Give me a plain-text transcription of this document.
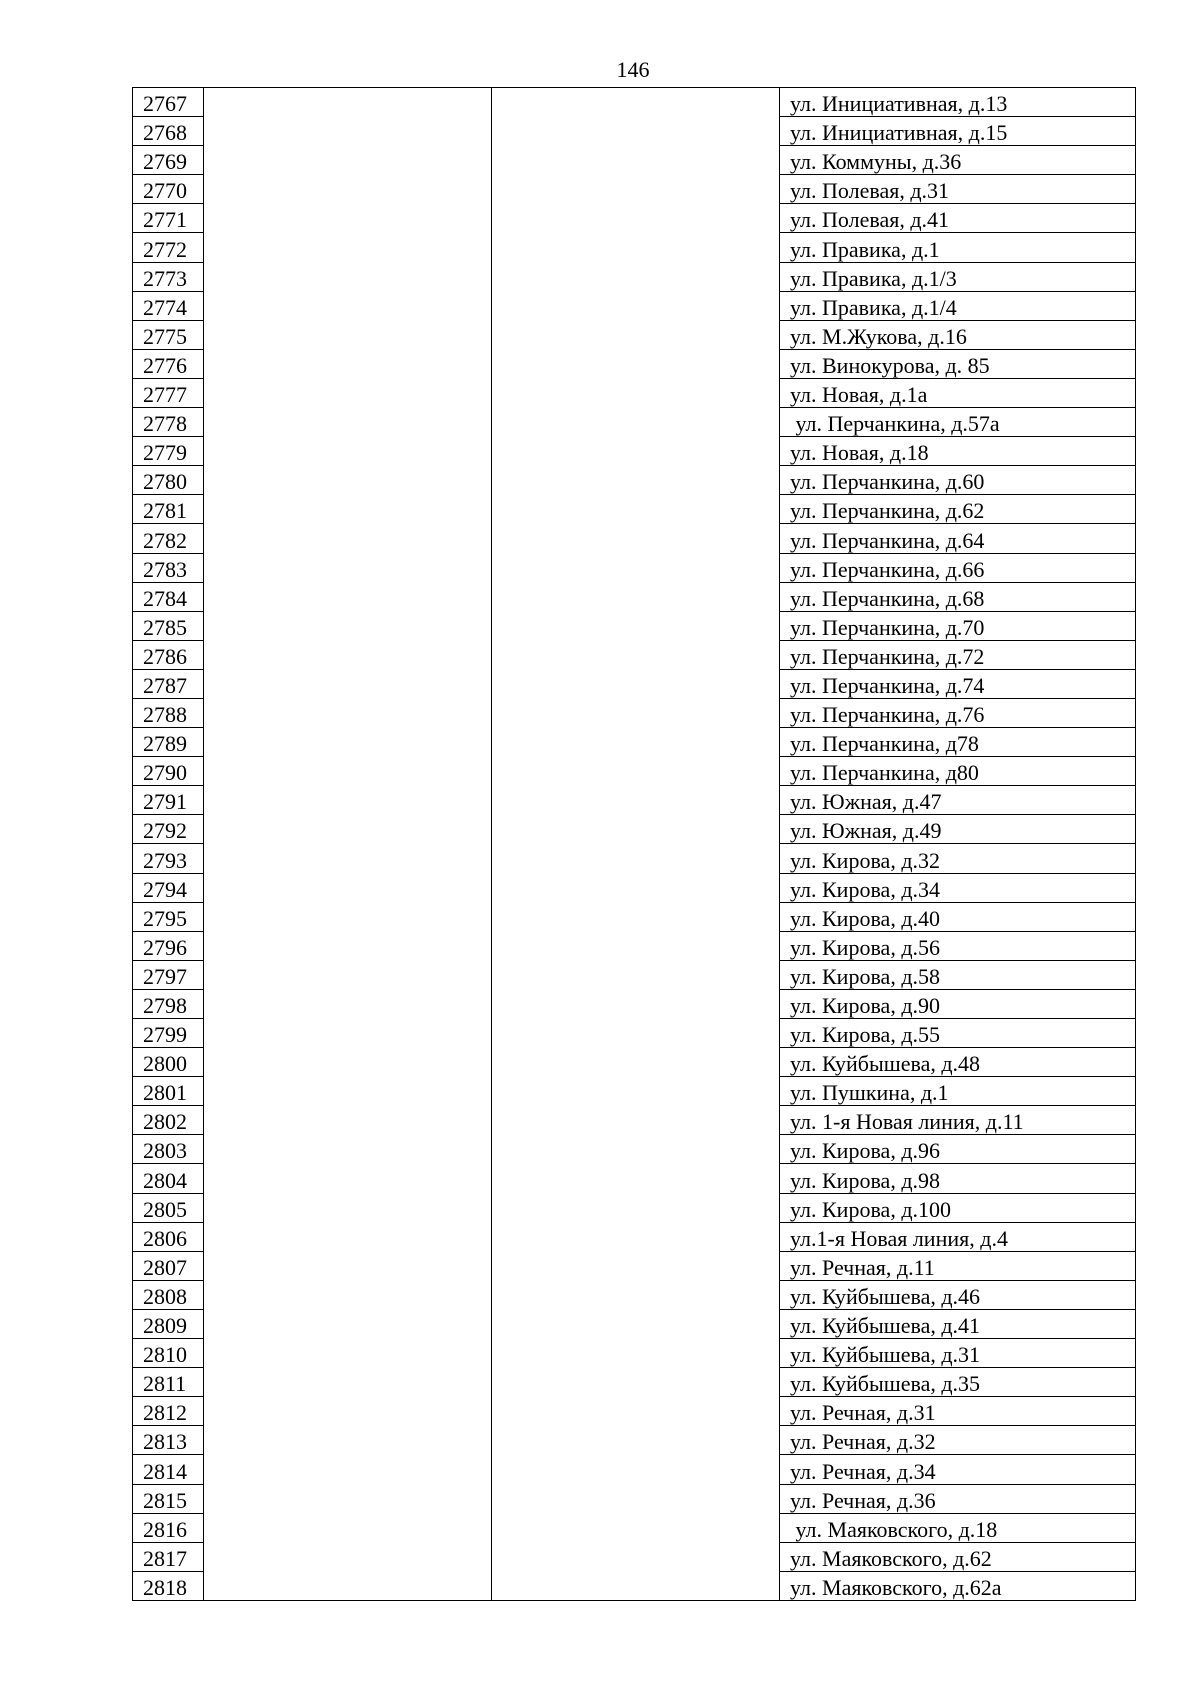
146
2767			ул. Инициативная, д.13
2768			ул. Инициативная, д.15
2769			ул. Коммуны, д.36
2770			ул. Полевая, д.31
2771			ул. Полевая, д.41
2772			ул. Правика, д.1
2773			ул. Правика, д.1/3
2774			ул. Правика, д.1/4
2775			ул. М.Жукова, д.16
2776			ул. Винокурова, д. 85
2777			ул. Новая, д.1а
2778			ул. Перчанкина, д.57а
2779			ул. Новая, д.18
2780			ул. Перчанкина, д.60
2781			ул. Перчанкина, д.62
2782			ул. Перчанкина, д.64
2783			ул. Перчанкина, д.66
2784			ул. Перчанкина, д.68
2785			ул. Перчанкина, д.70
2786			ул. Перчанкина, д.72
2787			ул. Перчанкина, д.74
2788			ул. Перчанкина, д.76
2789			ул. Перчанкина, д78
2790			ул. Перчанкина, д80
2791			ул. Южная, д.47
2792			ул. Южная, д.49
2793			ул. Кирова, д.32
2794			ул. Кирова, д.34
2795			ул. Кирова, д.40
2796			ул. Кирова, д.56
2797			ул. Кирова, д.58
2798			ул. Кирова, д.90
2799			ул. Кирова, д.55
2800			ул. Куйбышева, д.48
2801			ул. Пушкина, д.1
2802			ул. 1-я Новая линия, д.11
2803			ул. Кирова, д.96
2804			ул. Кирова, д.98
2805			ул. Кирова, д.100
2806			ул.1-я Новая линия, д.4
2807			ул. Речная, д.11
2808			ул. Куйбышева, д.46
2809			ул. Куйбышева, д.41
2810			ул. Куйбышева, д.31
2811			ул. Куйбышева, д.35
2812			ул. Речная, д.31
2813			ул. Речная, д.32
2814			ул. Речная, д.34
2815			ул. Речная, д.36
2816			ул. Маяковского, д.18
2817			ул. Маяковского, д.62
2818			ул. Маяковского, д.62а
